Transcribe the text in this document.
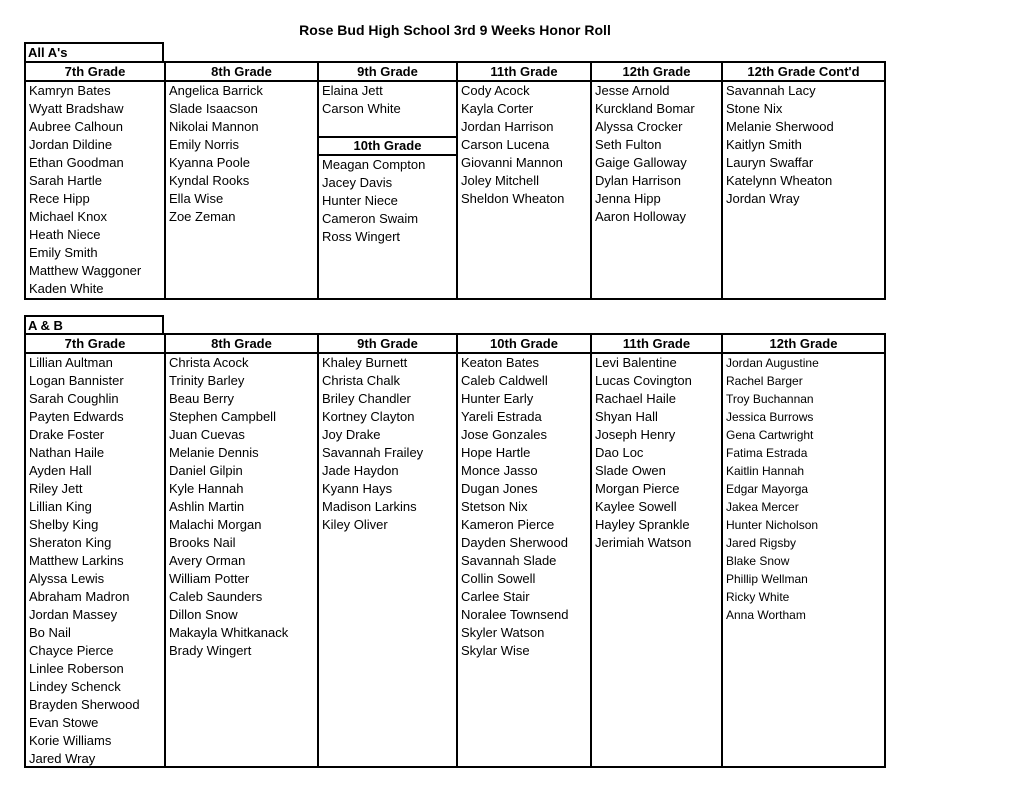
Rose Bud High School 3rd 9 Weeks Honor Roll
All A's
7th Grade
Kamryn Bates
Wyatt Bradshaw
Aubree Calhoun
Jordan Dildine
Ethan Goodman
Sarah Hartle
Rece Hipp
Michael Knox
Heath Niece
Emily Smith
Matthew Waggoner
Kaden White
8th Grade
Angelica Barrick
Slade Isaacson
Nikolai Mannon
Emily Norris
Kyanna Poole
Kyndal Rooks
Ella Wise
Zoe Zeman
9th Grade
Elaina Jett
Carson White
10th Grade
Meagan Compton
Jacey Davis
Hunter Niece
Cameron Swaim
Ross Wingert
11th Grade
Cody Acock
Kayla Corter
Jordan Harrison
Carson Lucena
Giovanni Mannon
Joley Mitchell
Sheldon Wheaton
12th Grade
Jesse Arnold
Kurckland Bomar
Alyssa Crocker
Seth Fulton
Gaige Galloway
Dylan Harrison
Jenna Hipp
Aaron Holloway
12th Grade Cont'd
Savannah Lacy
Stone Nix
Melanie Sherwood
Kaitlyn Smith
Lauryn Swaffar
Katelynn Wheaton
Jordan Wray
A & B
7th Grade
Lillian Aultman
Logan Bannister
Sarah Coughlin
Payten Edwards
Drake Foster
Nathan Haile
Ayden Hall
Riley Jett
Lillian King
Shelby King
Sheraton King
Matthew Larkins
Alyssa Lewis
Abraham Madron
Jordan Massey
Bo Nail
Chayce Pierce
Linlee Roberson
Lindey Schenck
Brayden Sherwood
Evan Stowe
Korie Williams
Jared Wray
8th Grade
Christa Acock
Trinity Barley
Beau Berry
Stephen Campbell
Juan Cuevas
Melanie Dennis
Daniel Gilpin
Kyle Hannah
Ashlin Martin
Malachi Morgan
Brooks Nail
Avery Orman
William Potter
Caleb Saunders
Dillon Snow
Makayla Whitkanack
Brady Wingert
9th Grade
Khaley Burnett
Christa Chalk
Briley Chandler
Kortney Clayton
Joy Drake
Savannah Frailey
Jade Haydon
Kyann Hays
Madison Larkins
Kiley Oliver
10th Grade
Keaton Bates
Caleb Caldwell
Hunter Early
Yareli Estrada
Jose Gonzales
Hope Hartle
Monce Jasso
Dugan Jones
Stetson Nix
Kameron Pierce
Dayden Sherwood
Savannah Slade
Collin Sowell
Carlee Stair
Noralee Townsend
Skyler Watson
Skylar Wise
11th Grade
Levi Balentine
Lucas Covington
Rachael Haile
Shyan Hall
Joseph Henry
Dao Loc
Slade Owen
Morgan Pierce
Kaylee Sowell
Hayley Sprankle
Jerimiah Watson
12th Grade
Jordan Augustine
Rachel Barger
Troy Buchannan
Jessica Burrows
Gena Cartwright
Fatima Estrada
Kaitlin Hannah
Edgar Mayorga
Jakea Mercer
Hunter Nicholson
Jared Rigsby
Blake Snow
Phillip Wellman
Ricky White
Anna Wortham
